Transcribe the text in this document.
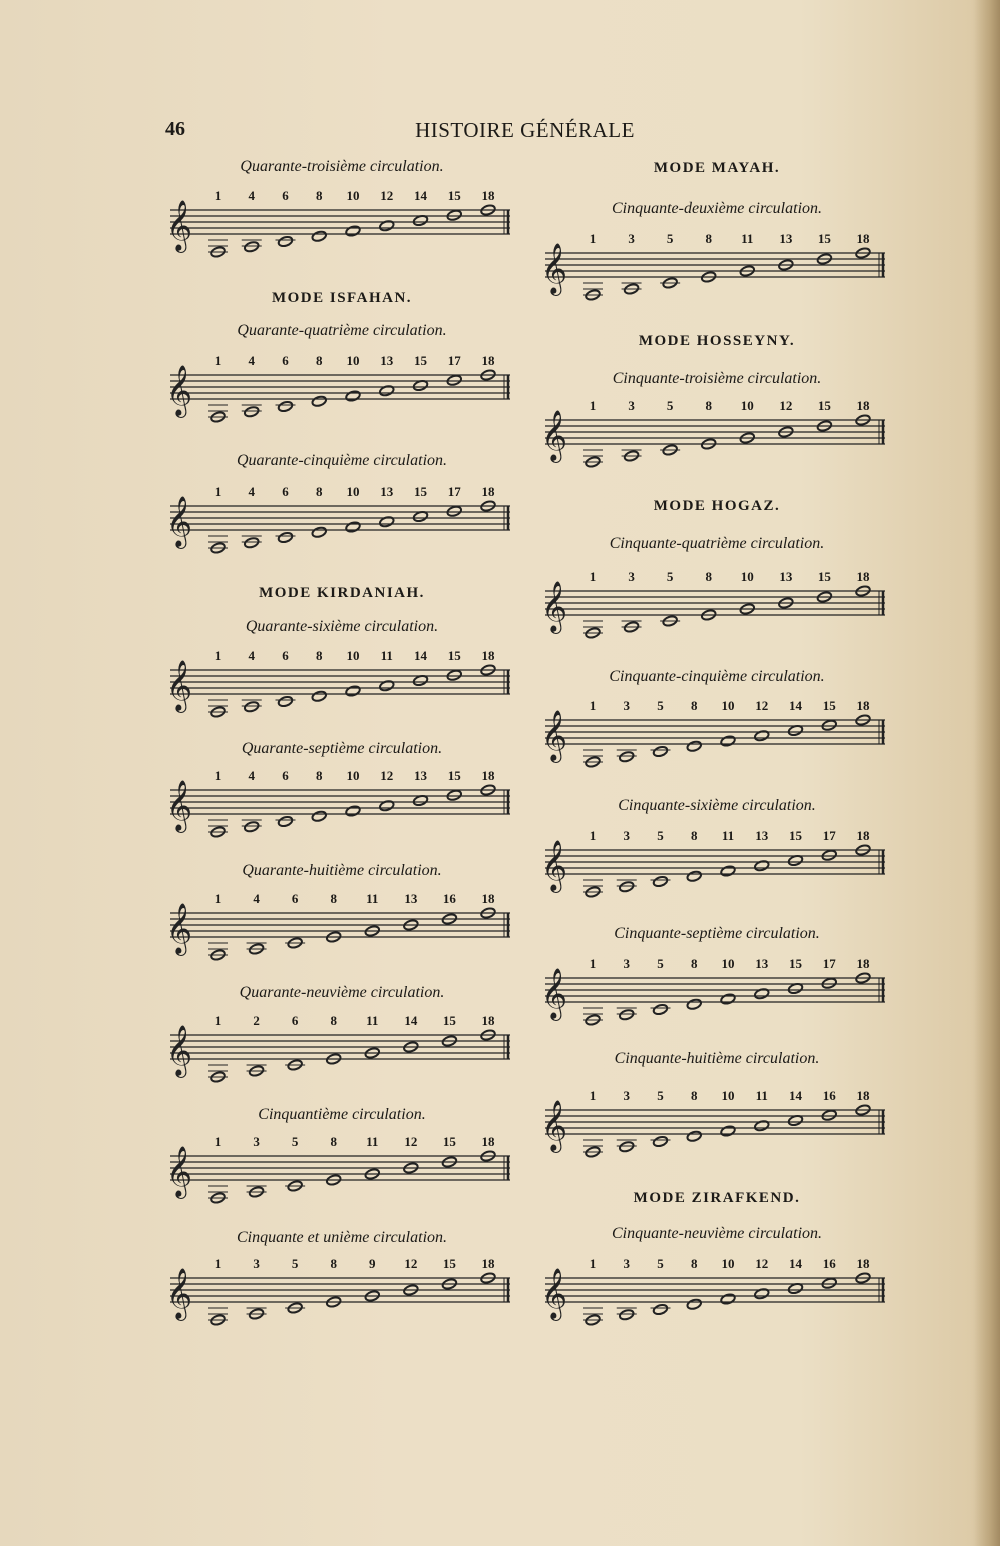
46	HISTOIRE GÉNÉRALE
Quarante-troisième circulation.
1 4 6 8 10 12 14 15 18
𝄞
MODE ISFAHAN.
Quarante-quatrième circulation.
1 4 6 8 10 13 15 17 18
𝄞
Quarante-cinquième circulation.
1 4 6 8 10 13 15 17 18
𝄞
MODE KIRDANIAH.
Quarante-sixième circulation.
1 4 6 8 10 11 14 15 18
𝄞
Quarante-septième circulation.
1 4 6 8 10 12 13 15 18
𝄞
Quarante-huitième circulation.
1 4 6 8 11 13 16 18
𝄞
Quarante-neuvième circulation.
1 2 6 8 11 14 15 18
𝄞
Cinquantième circulation.
1 3 5 8 11 12 15 18
𝄞
Cinquante et unième circulation.
1 3 5 8 9 12 15 18
𝄞
MODE MAYAH.
Cinquante-deuxième circulation.
1 3 5 8 11 13 15 18
𝄞
MODE HOSSEYNY.
Cinquante-troisième circulation.
1 3 5 8 10 12 15 18
𝄞
MODE HOGAZ.
Cinquante-quatrième circulation.
1 3 5 8 10 13 15 18
𝄞
Cinquante-cinquième circulation.
1 3 5 8 10 12 14 15 18
𝄞
Cinquante-sixième circulation.
1 3 5 8 11 13 15 17 18
𝄞
Cinquante-septième circulation.
1 3 5 8 10 13 15 17 18
𝄞
Cinquante-huitième circulation.
1 3 5 8 10 11 14 16 18
𝄞
MODE ZIRAFKEND.
Cinquante-neuvième circulation.
1 3 5 8 10 12 14 16 18
𝄞
